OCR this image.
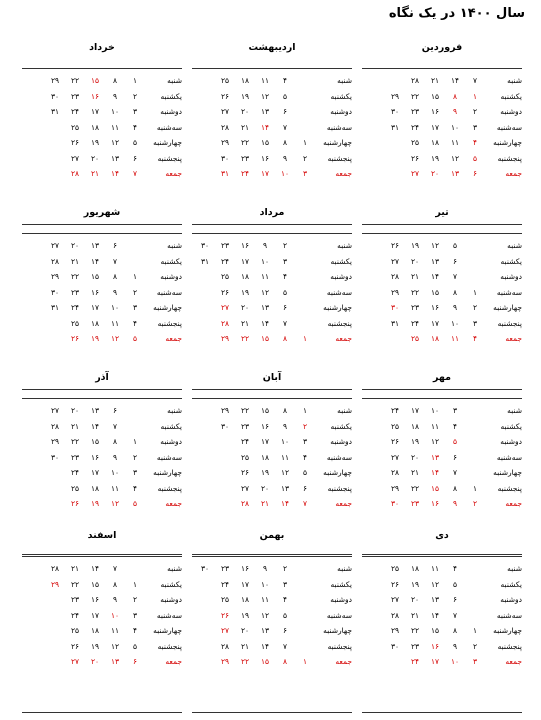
سال ۱۴۰۰ در یک نگاه
فروردین
شنبه
۷
۱۴
۲۱
۲۸
یکشنبه
۱
۸
۱۵
۲۲
۲۹
دوشنبه
۲
۹
۱۶
۲۳
۳۰
سه‌شنبه
۳
۱۰
۱۷
۲۴
۳۱
چهارشنبه
۴
۱۱
۱۸
۲۵
پنجشنبه
۵
۱۲
۱۹
۲۶
جمعه
۶
۱۳
۲۰
۲۷
اردیبهشت
شنبه
۴
۱۱
۱۸
۲۵
یکشنبه
۵
۱۲
۱۹
۲۶
دوشنبه
۶
۱۳
۲۰
۲۷
سه‌شنبه
۷
۱۴
۲۱
۲۸
چهارشنبه
۱
۸
۱۵
۲۲
۲۹
پنجشنبه
۲
۹
۱۶
۲۳
۳۰
جمعه
۳
۱۰
۱۷
۲۴
۳۱
خرداد
شنبه
۱
۸
۱۵
۲۲
۲۹
یکشنبه
۲
۹
۱۶
۲۳
۳۰
دوشنبه
۳
۱۰
۱۷
۲۴
۳۱
سه‌شنبه
۴
۱۱
۱۸
۲۵
چهارشنبه
۵
۱۲
۱۹
۲۶
پنجشنبه
۶
۱۳
۲۰
۲۷
جمعه
۷
۱۴
۲۱
۲۸
تیر
شنبه
۵
۱۲
۱۹
۲۶
یکشنبه
۶
۱۳
۲۰
۲۷
دوشنبه
۷
۱۴
۲۱
۲۸
سه‌شنبه
۱
۸
۱۵
۲۲
۲۹
چهارشنبه
۲
۹
۱۶
۲۳
۳۰
پنجشنبه
۳
۱۰
۱۷
۲۴
۳۱
جمعه
۴
۱۱
۱۸
۲۵
مرداد
شنبه
۲
۹
۱۶
۲۳
۳۰
یکشنبه
۳
۱۰
۱۷
۲۴
۳۱
دوشنبه
۴
۱۱
۱۸
۲۵
سه‌شنبه
۵
۱۲
۱۹
۲۶
چهارشنبه
۶
۱۳
۲۰
۲۷
پنجشنبه
۷
۱۴
۲۱
۲۸
جمعه
۱
۸
۱۵
۲۲
۲۹
شهریور
شنبه
۶
۱۳
۲۰
۲۷
یکشنبه
۷
۱۴
۲۱
۲۸
دوشنبه
۱
۸
۱۵
۲۲
۲۹
سه‌شنبه
۲
۹
۱۶
۲۳
۳۰
چهارشنبه
۳
۱۰
۱۷
۲۴
۳۱
پنجشنبه
۴
۱۱
۱۸
۲۵
جمعه
۵
۱۲
۱۹
۲۶
مهر
شنبه
۳
۱۰
۱۷
۲۴
یکشنبه
۴
۱۱
۱۸
۲۵
دوشنبه
۵
۱۲
۱۹
۲۶
سه‌شنبه
۶
۱۳
۲۰
۲۷
چهارشنبه
۷
۱۴
۲۱
۲۸
پنجشنبه
۱
۸
۱۵
۲۲
۲۹
جمعه
۲
۹
۱۶
۲۳
۳۰
آبان
شنبه
۱
۸
۱۵
۲۲
۲۹
یکشنبه
۲
۹
۱۶
۲۳
۳۰
دوشنبه
۳
۱۰
۱۷
۲۴
سه‌شنبه
۴
۱۱
۱۸
۲۵
چهارشنبه
۵
۱۲
۱۹
۲۶
پنجشنبه
۶
۱۳
۲۰
۲۷
جمعه
۷
۱۴
۲۱
۲۸
آذر
شنبه
۶
۱۳
۲۰
۲۷
یکشنبه
۷
۱۴
۲۱
۲۸
دوشنبه
۱
۸
۱۵
۲۲
۲۹
سه‌شنبه
۲
۹
۱۶
۲۳
۳۰
چهارشنبه
۳
۱۰
۱۷
۲۴
پنجشنبه
۴
۱۱
۱۸
۲۵
جمعه
۵
۱۲
۱۹
۲۶
دی
شنبه
۴
۱۱
۱۸
۲۵
یکشنبه
۵
۱۲
۱۹
۲۶
دوشنبه
۶
۱۳
۲۰
۲۷
سه‌شنبه
۷
۱۴
۲۱
۲۸
چهارشنبه
۱
۸
۱۵
۲۲
۲۹
پنجشنبه
۲
۹
۱۶
۲۳
۳۰
جمعه
۳
۱۰
۱۷
۲۴
بهمن
شنبه
۲
۹
۱۶
۲۳
۳۰
یکشنبه
۳
۱۰
۱۷
۲۴
دوشنبه
۴
۱۱
۱۸
۲۵
سه‌شنبه
۵
۱۲
۱۹
۲۶
چهارشنبه
۶
۱۳
۲۰
۲۷
پنجشنبه
۷
۱۴
۲۱
۲۸
جمعه
۱
۸
۱۵
۲۲
۲۹
اسفند
شنبه
۷
۱۴
۲۱
۲۸
یکشنبه
۱
۸
۱۵
۲۲
۲۹
دوشنبه
۲
۹
۱۶
۲۳
سه‌شنبه
۳
۱۰
۱۷
۲۴
چهارشنبه
۴
۱۱
۱۸
۲۵
پنجشنبه
۵
۱۲
۱۹
۲۶
جمعه
۶
۱۳
۲۰
۲۷
